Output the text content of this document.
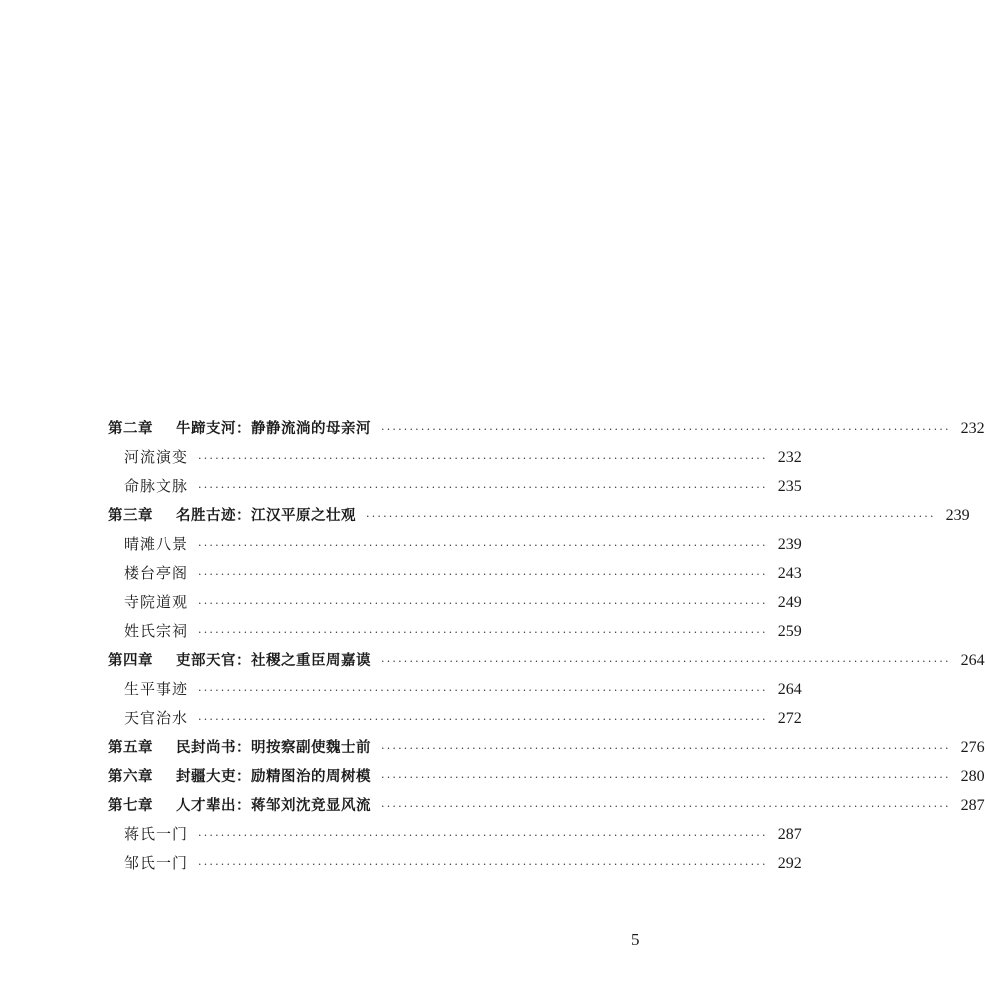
第二章 牛蹄支河：静静流淌的母亲河 ···································································································· 232
河流演变 ···································································································· 232
命脉文脉 ···································································································· 235
第三章 名胜古迹：江汉平原之壮观 ···································································································· 239
晴滩八景 ···································································································· 239
楼台亭阁 ···································································································· 243
寺院道观 ···································································································· 249
姓氏宗祠 ···································································································· 259
第四章 吏部天官：社稷之重臣周嘉谟 ···································································································· 264
生平事迹 ···································································································· 264
天官治水 ···································································································· 272
第五章 民封尚书：明按察副使魏士前 ···································································································· 276
第六章 封疆大吏：励精图治的周树模 ···································································································· 280
第七章 人才辈出：蒋邹刘沈竞显风流 ···································································································· 287
蒋氏一门 ···································································································· 287
邹氏一门 ···································································································· 292
5
